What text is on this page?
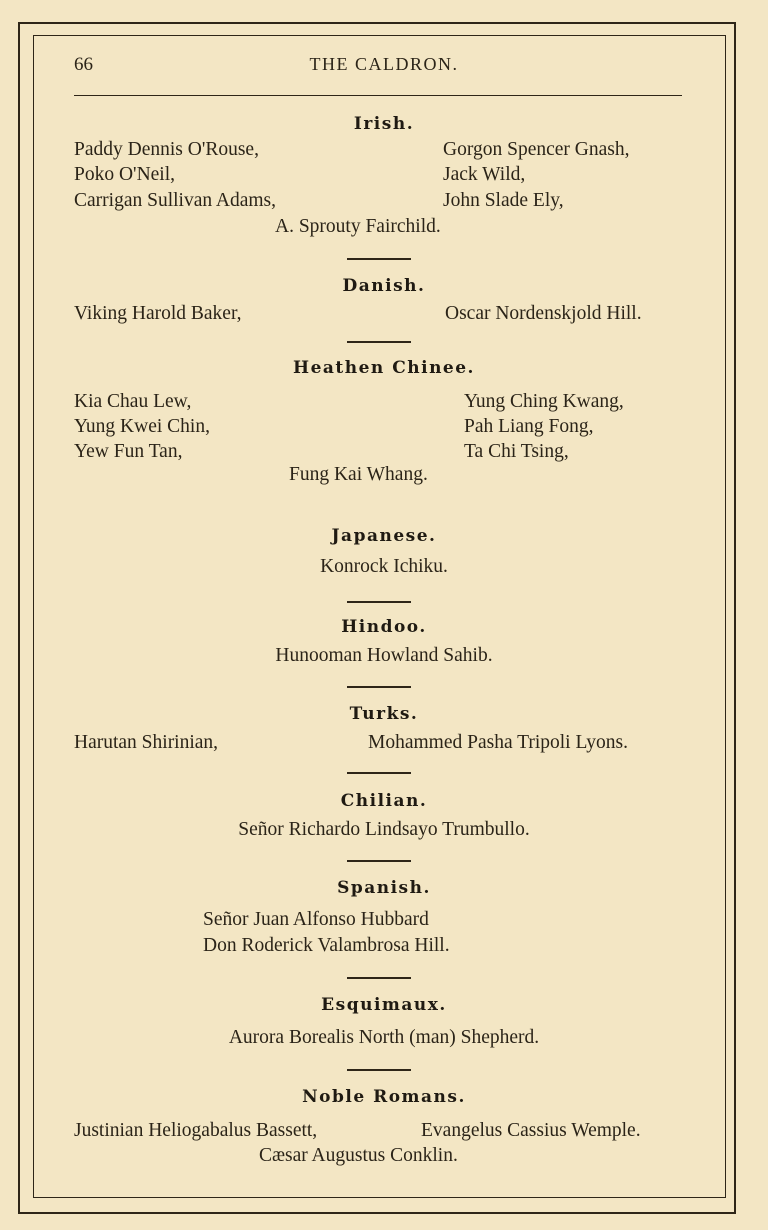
66	THE CALDRON.
Irish.
Paddy Dennis O'Rouse,	Gorgon Spencer Gnash,
Poko O'Neil,	Jack Wild,
Carrigan Sullivan Adams,	John Slade Ely,
A. Sprouty Fairchild.
Danish.
Viking Harold Baker,	Oscar Nordenskjold Hill.
Heathen Chinee.
Kia Chau Lew,	Yung Ching Kwang,
Yung Kwei Chin,	Pah Liang Fong,
Yew Fun Tan,	Ta Chi Tsing,
Fung Kai Whang.
Japanese.
Konrock Ichiku.
Hindoo.
Hunooman Howland Sahib.
Turks.
Harutan Shirinian,	Mohammed Pasha Tripoli Lyons.
Chilian.
Señor Richardo Lindsayo Trumbullo.
Spanish.
Señor Juan Alfonso Hubbard
Don Roderick Valambrosa Hill.
Esquimaux.
Aurora Borealis North (man) Shepherd.
Noble Romans.
Justinian Heliogabalus Bassett,	Evangelus Cassius Wemple.
Cæsar Augustus Conklin.
